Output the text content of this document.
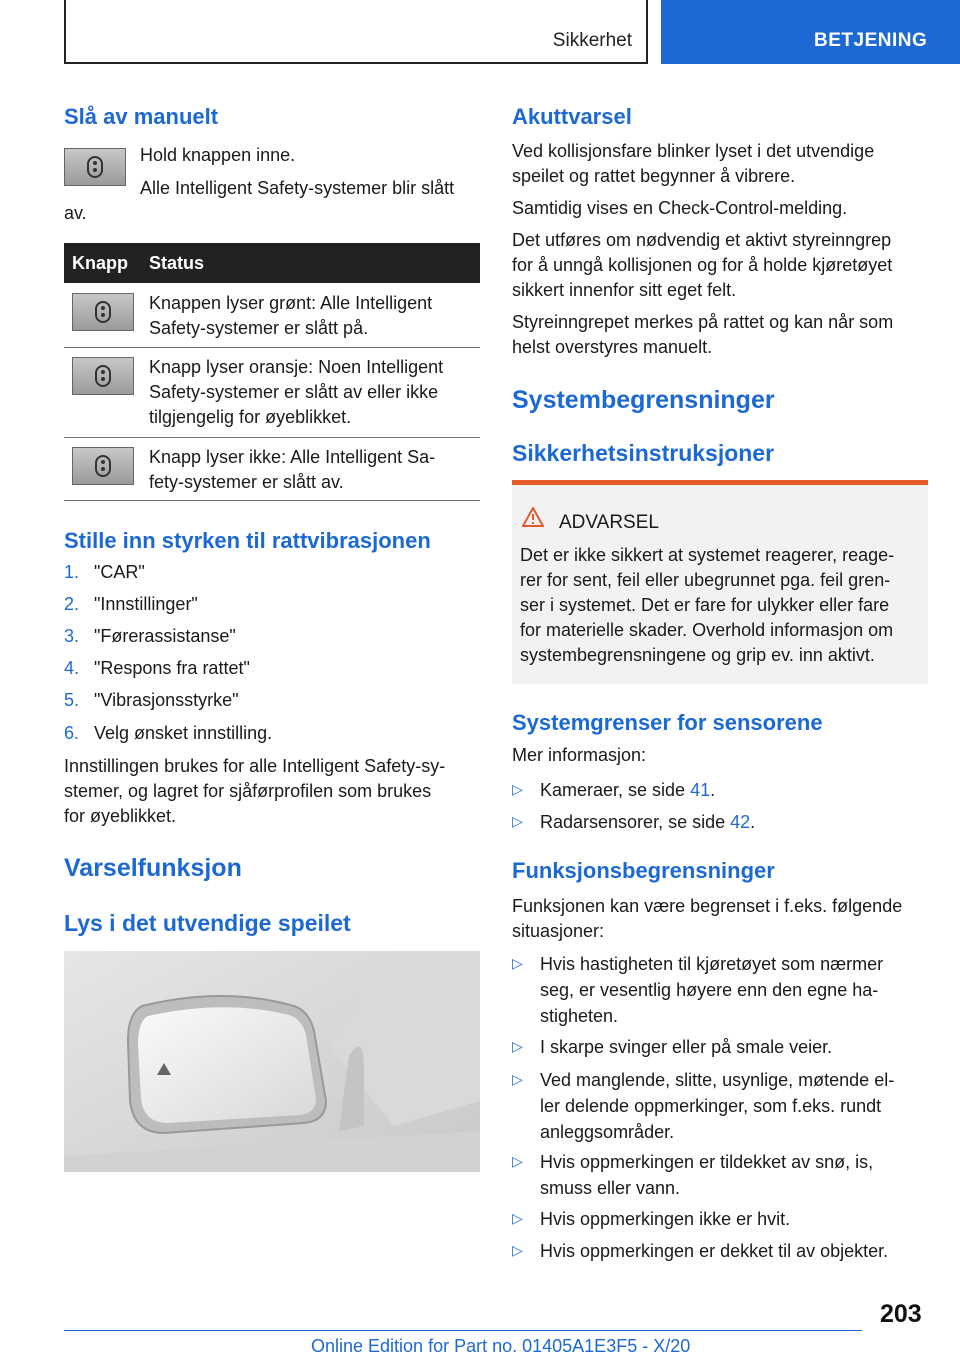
Sikkerhet	BETJENING
Slå av manuelt
Hold knappen inne.
Alle Intelligent Safety-systemer blir slått
av.
Knapp Status
Knappen lyser grønt: Alle Intelligent
Safety-systemer er slått på.
Knapp lyser oransje: Noen Intelligent
Safety-systemer er slått av eller ikke
tilgjengelig for øyeblikket.
Knapp lyser ikke: Alle Intelligent Sa-
fety-systemer er slått av.
Stille inn styrken til rattvibrasjonen
1. "CAR"
2. "Innstillinger"
3. "Førerassistanse"
4. "Respons fra rattet"
5. "Vibrasjonsstyrke"
6. Velg ønsket innstilling.
Innstillingen brukes for alle Intelligent Safety-sy-
stemer, og lagret for sjåførprofilen som brukes
for øyeblikket.
Varselfunksjon
Lys i det utvendige speilet
Akuttvarsel
Ved kollisjonsfare blinker lyset i det utvendige
speilet og rattet begynner å vibrere.
Samtidig vises en Check-Control-melding.
Det utføres om nødvendig et aktivt styreinngrep
for å unngå kollisjonen og for å holde kjøretøyet
sikkert innenfor sitt eget felt.
Styreinngrepet merkes på rattet og kan når som
helst overstyres manuelt.
Systembegrensninger
Sikkerhetsinstruksjoner
ADVARSEL
Det er ikke sikkert at systemet reagerer, reage-
rer for sent, feil eller ubegrunnet pga. feil gren-
ser i systemet. Det er fare for ulykker eller fare
for materielle skader. Overhold informasjon om
systembegrensningene og grip ev. inn aktivt.
Systemgrenser for sensorene
Mer informasjon:
▷ Kameraer, se side 41.
▷ Radarsensorer, se side 42.
Funksjonsbegrensninger
Funksjonen kan være begrenset i f.eks. følgende
situasjoner:
▷ Hvis hastigheten til kjøretøyet som nærmer
seg, er vesentlig høyere enn den egne ha-
stigheten.
▷ I skarpe svinger eller på smale veier.
▷ Ved manglende, slitte, usynlige, møtende el-
ler delende oppmerkinger, som f.eks. rundt
anleggsområder.
▷ Hvis oppmerkingen er tildekket av snø, is,
smuss eller vann.
▷ Hvis oppmerkingen ikke er hvit.
▷ Hvis oppmerkingen er dekket til av objekter.
203
Online Edition for Part no. 01405A1E3F5 - X/20
